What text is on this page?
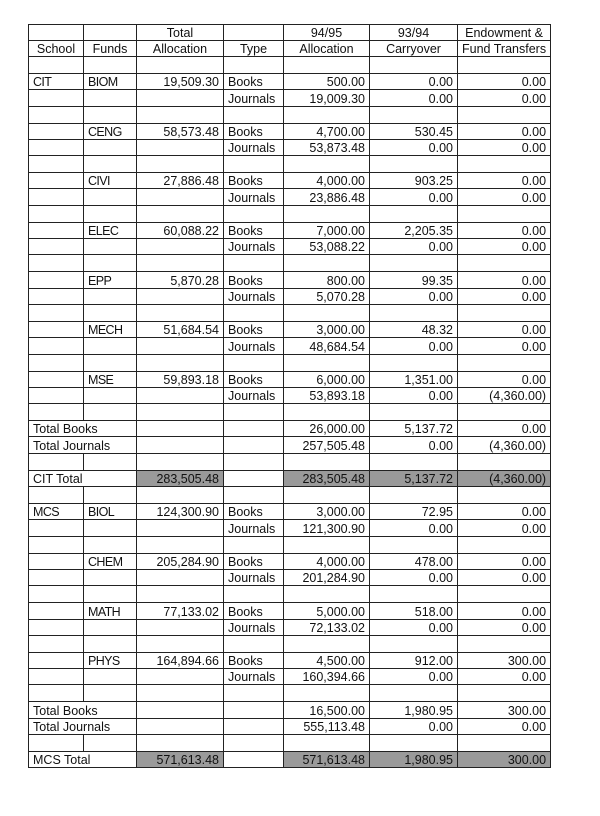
		Total		94/95	93/94	Endowment &
School	Funds	Allocation	Type	Allocation	Carryover	Fund Transfers

CIT	BIOM	19,509.30	Books	500.00	0.00	0.00
			Journals	19,009.30	0.00	0.00

	CENG	58,573.48	Books	4,700.00	530.45	0.00
			Journals	53,873.48	0.00	0.00

	CIVI	27,886.48	Books	4,000.00	903.25	0.00
			Journals	23,886.48	0.00	0.00

	ELEC	60,088.22	Books	7,000.00	2,205.35	0.00
			Journals	53,088.22	0.00	0.00

	EPP	5,870.28	Books	800.00	99.35	0.00
			Journals	5,070.28	0.00	0.00

	MECH	51,684.54	Books	3,000.00	48.32	0.00
			Journals	48,684.54	0.00	0.00

	MSE	59,893.18	Books	6,000.00	1,351.00	0.00
			Journals	53,893.18	0.00	(4,360.00)

Total Books				26,000.00	5,137.72	0.00
Total Journals				257,505.48	0.00	(4,360.00)

CIT Total		283,505.48		283,505.48	5,137.72	(4,360.00)

MCS	BIOL	124,300.90	Books	3,000.00	72.95	0.00
			Journals	121,300.90	0.00	0.00

	CHEM	205,284.90	Books	4,000.00	478.00	0.00
			Journals	201,284.90	0.00	0.00

	MATH	77,133.02	Books	5,000.00	518.00	0.00
			Journals	72,133.02	0.00	0.00

	PHYS	164,894.66	Books	4,500.00	912.00	300.00
			Journals	160,394.66	0.00	0.00

Total Books				16,500.00	1,980.95	300.00
Total Journals				555,113.48	0.00	0.00

MCS Total		571,613.48		571,613.48	1,980.95	300.00
